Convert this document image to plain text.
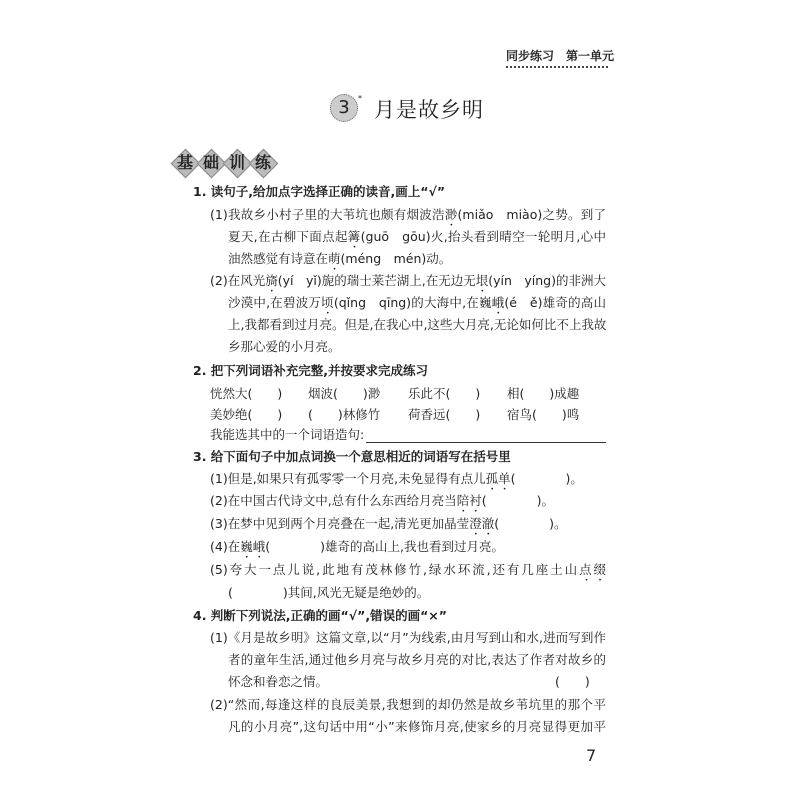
同步练习　第一单元
3	* 月是故乡明
基 础 训 练
1. 读句子,给加点字选择正确的读音,画上“√”
(1)我故乡小村子里的大苇坑也颇有烟波浩渺(miǎo　miào)之势。到了
夏天,在古柳下面点起篝(guō　gōu)火,抬头看到晴空一轮明月,心中
油然感觉有诗意在萌(méng　mén)动。
(2)在风光旖(yí　yǐ)旎的瑞士莱芒湖上,在无边无垠(yín　yíng)的非洲大
沙漠中,在碧波万顷(qǐng　qīng)的大海中,在巍峨(é　ě)雄奇的高山
上,我都看到过月亮。但是,在我心中,这些大月亮,无论如何比不上我故
乡那心爱的小月亮。
2. 把下列词语补充完整,并按要求完成练习
恍然大(　　) 烟波(　　)渺 乐此不(　　) 相(　　)成趣
美妙绝(　　) (　　)林修竹 荷香远(　　) 宿鸟(　　)鸣
我能选其中的一个词语造句:
3. 给下面句子中加点词换一个意思相近的词语写在括号里
(1)但是,如果只有孤零零一个月亮,未免显得有点儿孤单(　　　　)。
(2)在中国古代诗文中,总有什么东西给月亮当陪衬(　　　　)。
(3)在梦中见到两个月亮叠在一起,清光更加晶莹澄澈(　　　　)。
(4)在巍峨(　　　　)雄奇的高山上,我也看到过月亮。
(5)夸大一点儿说,此地有茂林修竹,绿水环流,还有几座土山点缀
(　　　　)其间,风光无疑是绝妙的。
4. 判断下列说法,正确的画“√”,错误的画“×”
(1)《月是故乡明》这篇文章,以“月”为线索,由月写到山和水,进而写到作
者的童年生活,通过他乡月亮与故乡月亮的对比,表达了作者对故乡的
怀念和眷恋之情。	(　　)
(2)“然而,每逢这样的良辰美景,我想到的却仍然是故乡苇坑里的那个平
凡的小月亮”,这句话中用“小”来修饰月亮,使家乡的月亮显得更加平
7
